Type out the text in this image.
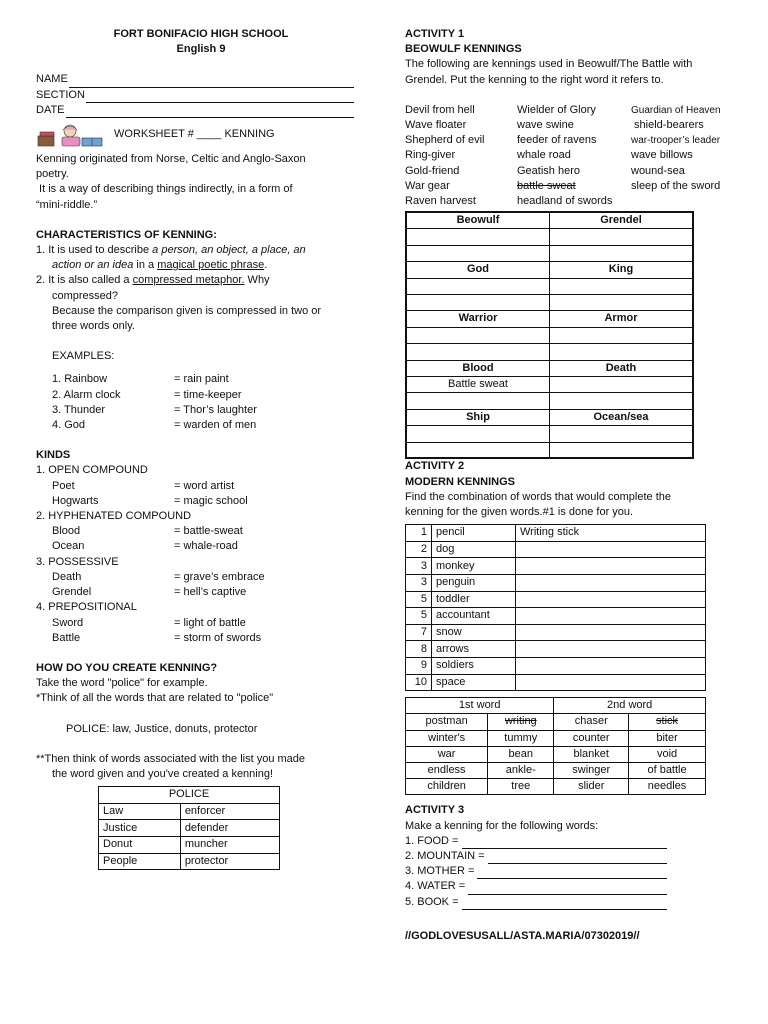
FORT BONIFACIO HIGH SCHOOL
English 9
NAME
SECTION
DATE
WORKSHEET # ____ KENNING
Kenning originated from Norse, Celtic and Anglo-Saxon
poetry.
It is a way of describing things indirectly, in a form of
“mini-riddle.”
CHARACTERISTICS OF KENNING:
1. It is used to describe a person, an object, a place, an
action or an idea in a magical poetic phrase.
2. It is also called a compressed metaphor. Why
compressed?
Because the comparison given is compressed in two or
three words only.
EXAMPLES:
1. Rainbow	= rain paint
2. Alarm clock	= time-keeper
3. Thunder	= Thor’s laughter
4. God	= warden of men
KINDS
1. OPEN COMPOUND
Poet	= word artist
Hogwarts	= magic school
2. HYPHENATED COMPOUND
Blood	= battle-sweat
Ocean	= whale-road
3. POSSESSIVE
Death	= grave’s embrace
Grendel	= hell’s captive
4. PREPOSITIONAL
Sword	= light of battle
Battle	= storm of swords
HOW DO YOU CREATE KENNING?
Take the word "police" for example.
*Think of all the words that are related to "police"
POLICE: law, Justice, donuts, protector
**Then think of words associated with the list you made
the word given and you've created a kenning!
POLICE	
Law	enforcer
Justice	defender
Donut	muncher
People	protector
ACTIVITY 1
BEOWULF KENNINGS
The following are kennings used in Beowulf/The Battle with
Grendel. Put the kenning to the right word it refers to.
Devil from hell	Wielder of Glory	Guardian of Heaven
Wave floater	wave swine	shield-bearers
Shepherd of evil	feeder of ravens	war-trooper’s leader
Ring-giver	whale road	wave billows
Gold-friend	Geatish hero	wound-sea
War gear	battle sweat	sleep of the sword
Raven harvest	headland of swords
Beowulf	Grendel

God	King

Warrior	Armor

Blood	Death
Battle sweat	

Ship	Ocean/sea

ACTIVITY 2
MODERN KENNINGS
Find the combination of words that would complete the
kenning for the given words.#1 is done for you.
1	pencil	Writing stick
2	dog	
3	monkey	
3	penguin	
5	toddler	
5	accountant	
7	snow	
8	arrows	
9	soldiers	
10	space	
1st word		2nd word	
postman	writing	chaser	stick
winter's	tummy	counter	biter
war	bean	blanket	void
endless	ankle-	swinger	of battle
children	tree	slider	needles
ACTIVITY 3
Make a kenning for the following words:
1. FOOD =
2. MOUNTAIN =
3. MOTHER =
4. WATER =
5. BOOK =
//GODLOVESUSALL/ASTA.MARIA/07302019//
